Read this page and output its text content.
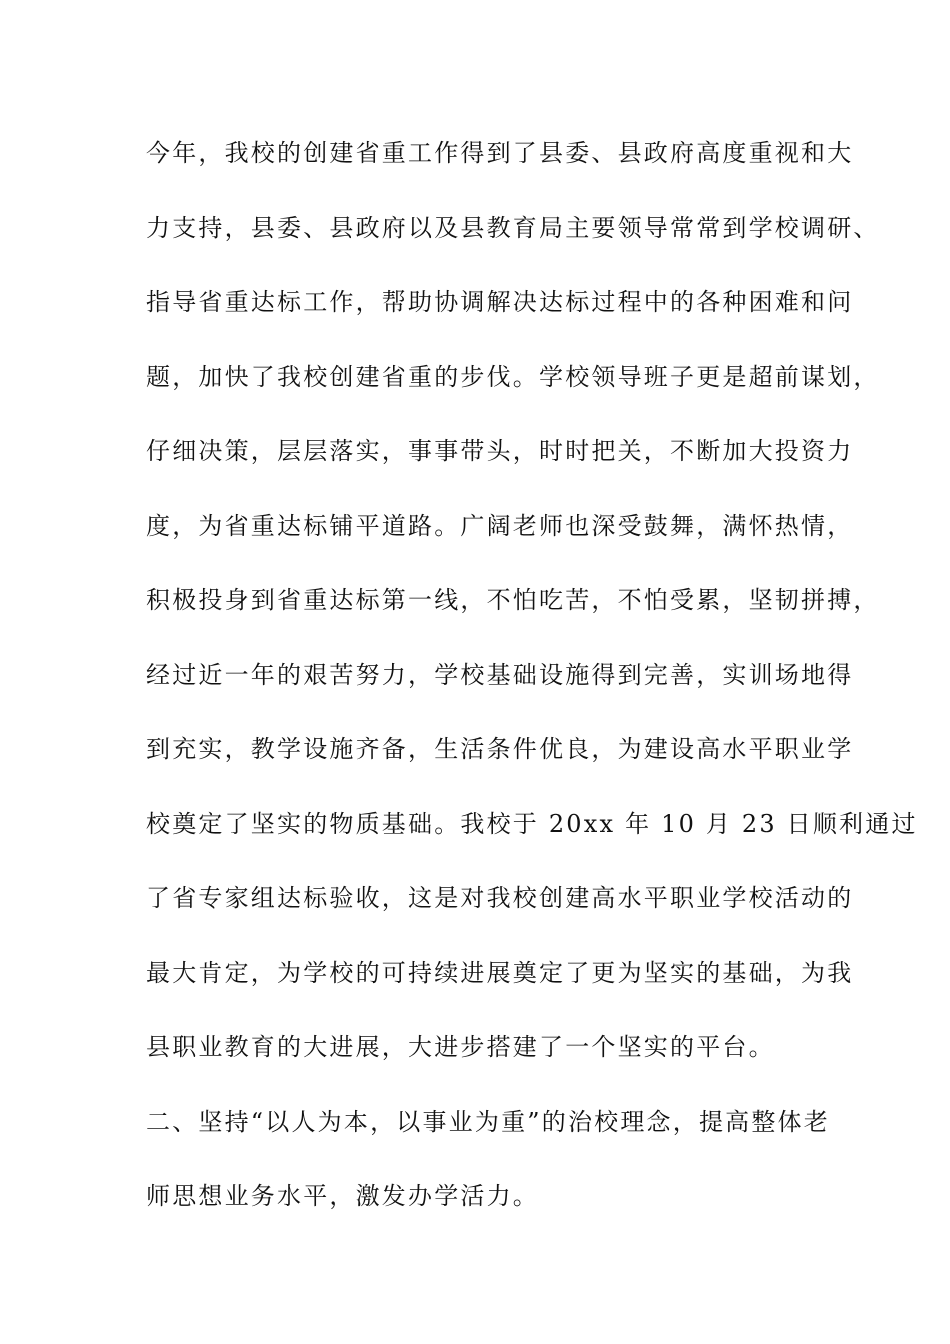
今年，我校的创建省重工作得到了县委、县政府高度重视和大
力支持，县委、县政府以及县教育局主要领导常常到学校调研、
指导省重达标工作，帮助协调解决达标过程中的各种困难和问
题，加快了我校创建省重的步伐。学校领导班子更是超前谋划，
仔细决策，层层落实，事事带头，时时把关，不断加大投资力
度，为省重达标铺平道路。广阔老师也深受鼓舞，满怀热情，
积极投身到省重达标第一线，不怕吃苦，不怕受累，坚韧拼搏，
经过近一年的艰苦努力，学校基础设施得到完善，实训场地得
到充实，教学设施齐备，生活条件优良，为建设高水平职业学
校奠定了坚实的物质基础。我校于 20xx 年 10 月 23 日顺利通过
了省专家组达标验收，这是对我校创建高水平职业学校活动的
最大肯定，为学校的可持续进展奠定了更为坚实的基础，为我
县职业教育的大进展，大进步搭建了一个坚实的平台。
二、坚持“以人为本，以事业为重”的治校理念，提高整体老
师思想业务水平，激发办学活力。
